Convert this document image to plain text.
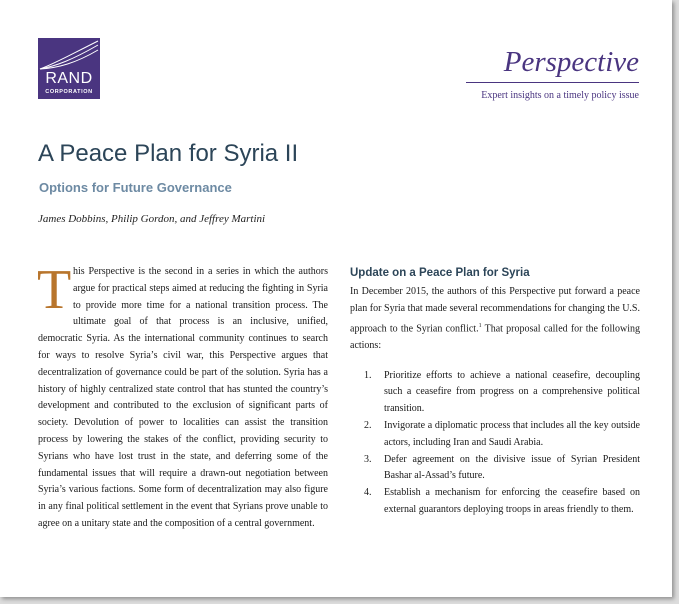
RAND
CORPORATION
Perspective
Expert insights on a timely policy issue
A Peace Plan for Syria II
Options for Future Governance
James Dobbins, Philip Gordon, and Jeffrey Martini

This Perspective is the second in a series in which the authors argue for practical steps aimed at reducing the fighting in Syria to provide more time for a national transition process. The ultimate goal of that process is an inclusive, unified, democratic Syria. As the international community continues to search for ways to resolve Syria’s civil war, this Perspective argues that decentralization of governance could be part of the solution. Syria has a history of highly centralized state control that has stunted the country’s development and contributed to the exclusion of significant parts of society. Devolution of power to localities can assist the transition process by lowering the stakes of the conflict, providing security to Syrians who have lost trust in the state, and deferring some of the fundamental issues that will require a drawn-out negotiation between Syria’s various factions. Some form of decentralization may also figure in any final political settlement in the event that Syrians prove unable to agree on a unitary state and the composition of a central government.

Update on a Peace Plan for Syria

In December 2015, the authors of this Perspective put forward a peace plan for Syria that made several recommendations for changing the U.S. approach to the Syrian conflict.$^1$ That proposal called for the following actions:

1. Prioritize efforts to achieve a national ceasefire, decoupling such a ceasefire from progress on a comprehensive political transition.

2. Invigorate a diplomatic process that includes all the key outside actors, including Iran and Saudi Arabia.

3. Defer agreement on the divisive issue of Syrian President Bashar al-Assad’s future.

4. Establish a mechanism for enforcing the ceasefire based on external guarantors deploying troops in areas friendly to them.
